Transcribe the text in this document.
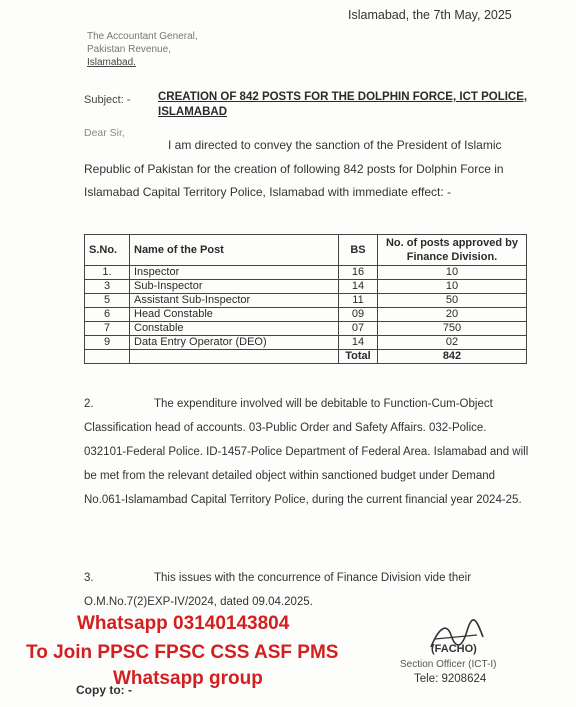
Islamabad, the 7th May, 2025
The Accountant General,
Pakistan Revenue,
Islamabad.
Subject: - CREATION OF 842 POSTS FOR THE DOLPHIN FORCE, ICT POLICE, ISLAMABAD
Dear Sir,
I am directed to convey the sanction of the President of Islamic Republic of Pakistan for the creation of following 842 posts for Dolphin Force in Islamabad Capital Territory Police, Islamabad with immediate effect: -
S.No.	Name of the Post	BS	No. of posts approved by Finance Division.
1.	Inspector	16	10
3	Sub-Inspector	14	10
5	Assistant Sub-Inspector	11	50
6	Head Constable	09	20
7	Constable	07	750
9	Data Entry Operator (DEO)	14	02
		Total	842
2.	The expenditure involved will be debitable to Function-Cum-Object Classification head of accounts. 03-Public Order and Safety Affairs. 032-Police. 032101-Federal Police. ID-1457-Police Department of Federal Area. Islamabad and will be met from the relevant detailed object within sanctioned budget under Demand No.061-Islamambad Capital Territory Police, during the current financial year 2024-25.
3.	This issues with the concurrence of Finance Division vide their O.M.No.7(2)EXP-IV/2024, dated 09.04.2025.
(FACHO)
Section Officer (ICT-I)
Tele: 9208624
Whatsapp 03140143804
To Join PPSC FPSC CSS ASF PMS
Copy to: -
Whatsapp group
